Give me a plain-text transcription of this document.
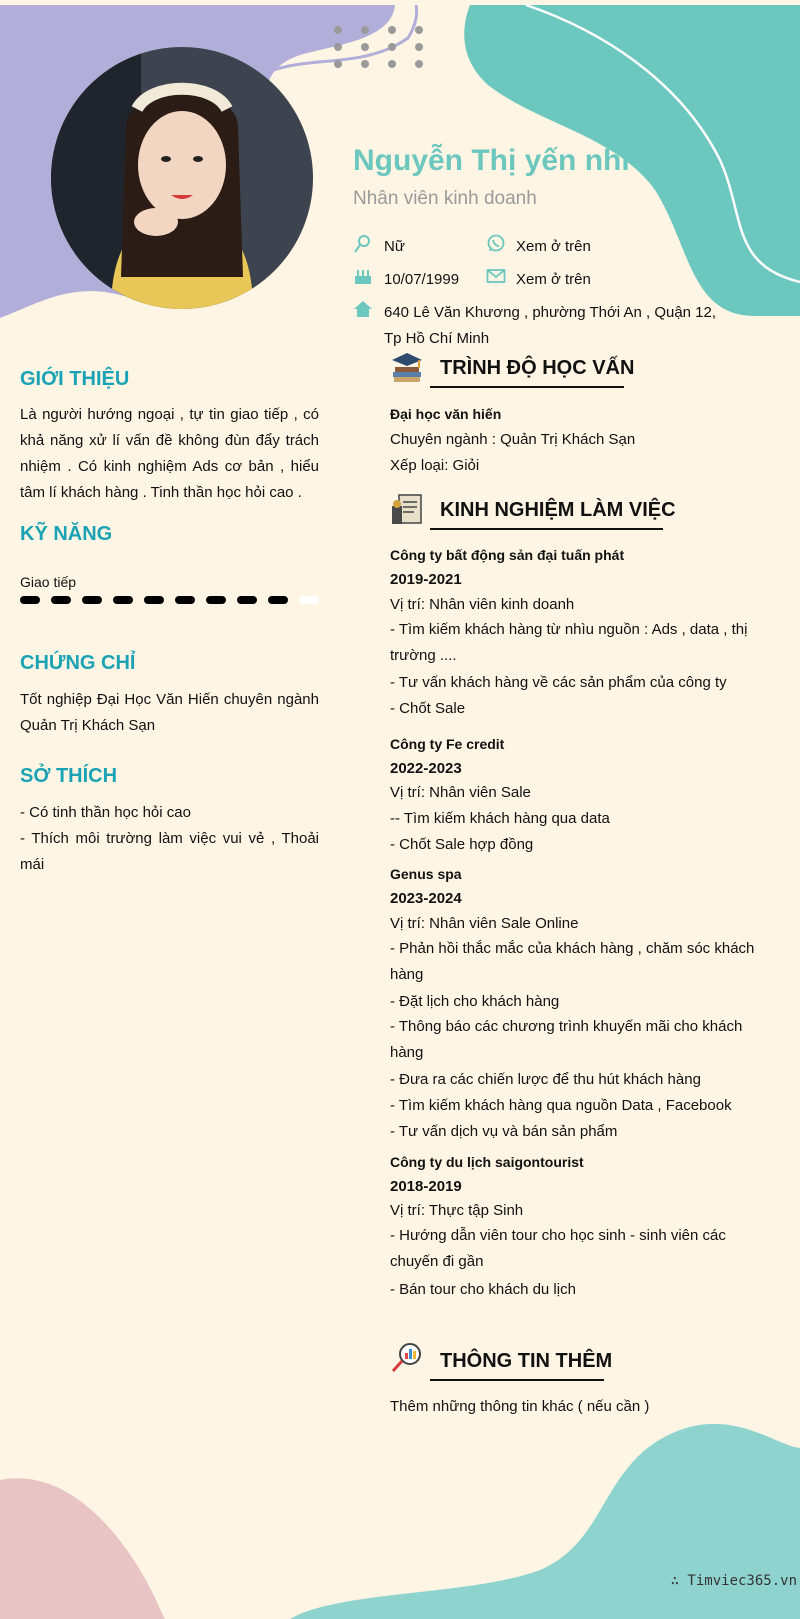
Nguyễn Thị yến nhi
Nhân viên kinh doanh
Nữ	Xem ở trên
10/07/1999	Xem ở trên
640 Lê Văn Khương , phường Thới An , Quận 12,
Tp Hồ Chí Minh
GIỚI THIỆU
Là người hướng ngoại , tự tin giao tiếp , có khả năng xử lí vấn đề không đùn đẩy trách nhiệm . Có kinh nghiệm Ads cơ bản , hiểu tâm lí khách hàng . Tinh thần học hỏi cao .
KỸ NĂNG
Giao tiếp
CHỨNG CHỈ
Tốt nghiệp Đại Học Văn Hiến chuyên ngành Quản Trị Khách Sạn
SỞ THÍCH
- Có tinh thần học hỏi cao
- Thích môi trường làm việc vui vẻ , Thoải mái
TRÌNH ĐỘ HỌC VẤN
Đại học văn hiến
Chuyên ngành : Quản Trị Khách Sạn
Xếp loại: Giỏi
KINH NGHIỆM LÀM VIỆC
Công ty bất động sản đại tuấn phát
2019-2021
Vị trí: Nhân viên kinh doanh
- Tìm kiếm khách hàng từ nhìu nguồn : Ads , data , thị trường ....
- Tư vấn khách hàng về các sản phẩm của công ty
- Chốt Sale
Công ty Fe credit
2022-2023
Vị trí: Nhân viên Sale
-- Tìm kiếm khách hàng qua data
- Chốt Sale hợp đồng
Genus spa
2023-2024
Vị trí: Nhân viên Sale Online
- Phản hồi thắc mắc của khách hàng , chăm sóc khách hàng
- Đặt lịch cho khách hàng
- Thông báo các chương trình khuyến mãi cho khách hàng
- Đưa ra các chiến lược để thu hút khách hàng
- Tìm kiếm khách hàng qua nguồn Data , Facebook
- Tư vấn dịch vụ và bán sản phẩm
Công ty du lịch saigontourist
2018-2019
Vị trí: Thực tập Sinh
- Hướng dẫn viên tour cho học sinh - sinh viên các chuyến đi gần
- Bán tour cho khách du lịch
THÔNG TIN THÊM
Thêm những thông tin khác ( nếu cần )
∴ Timviec365.vn
